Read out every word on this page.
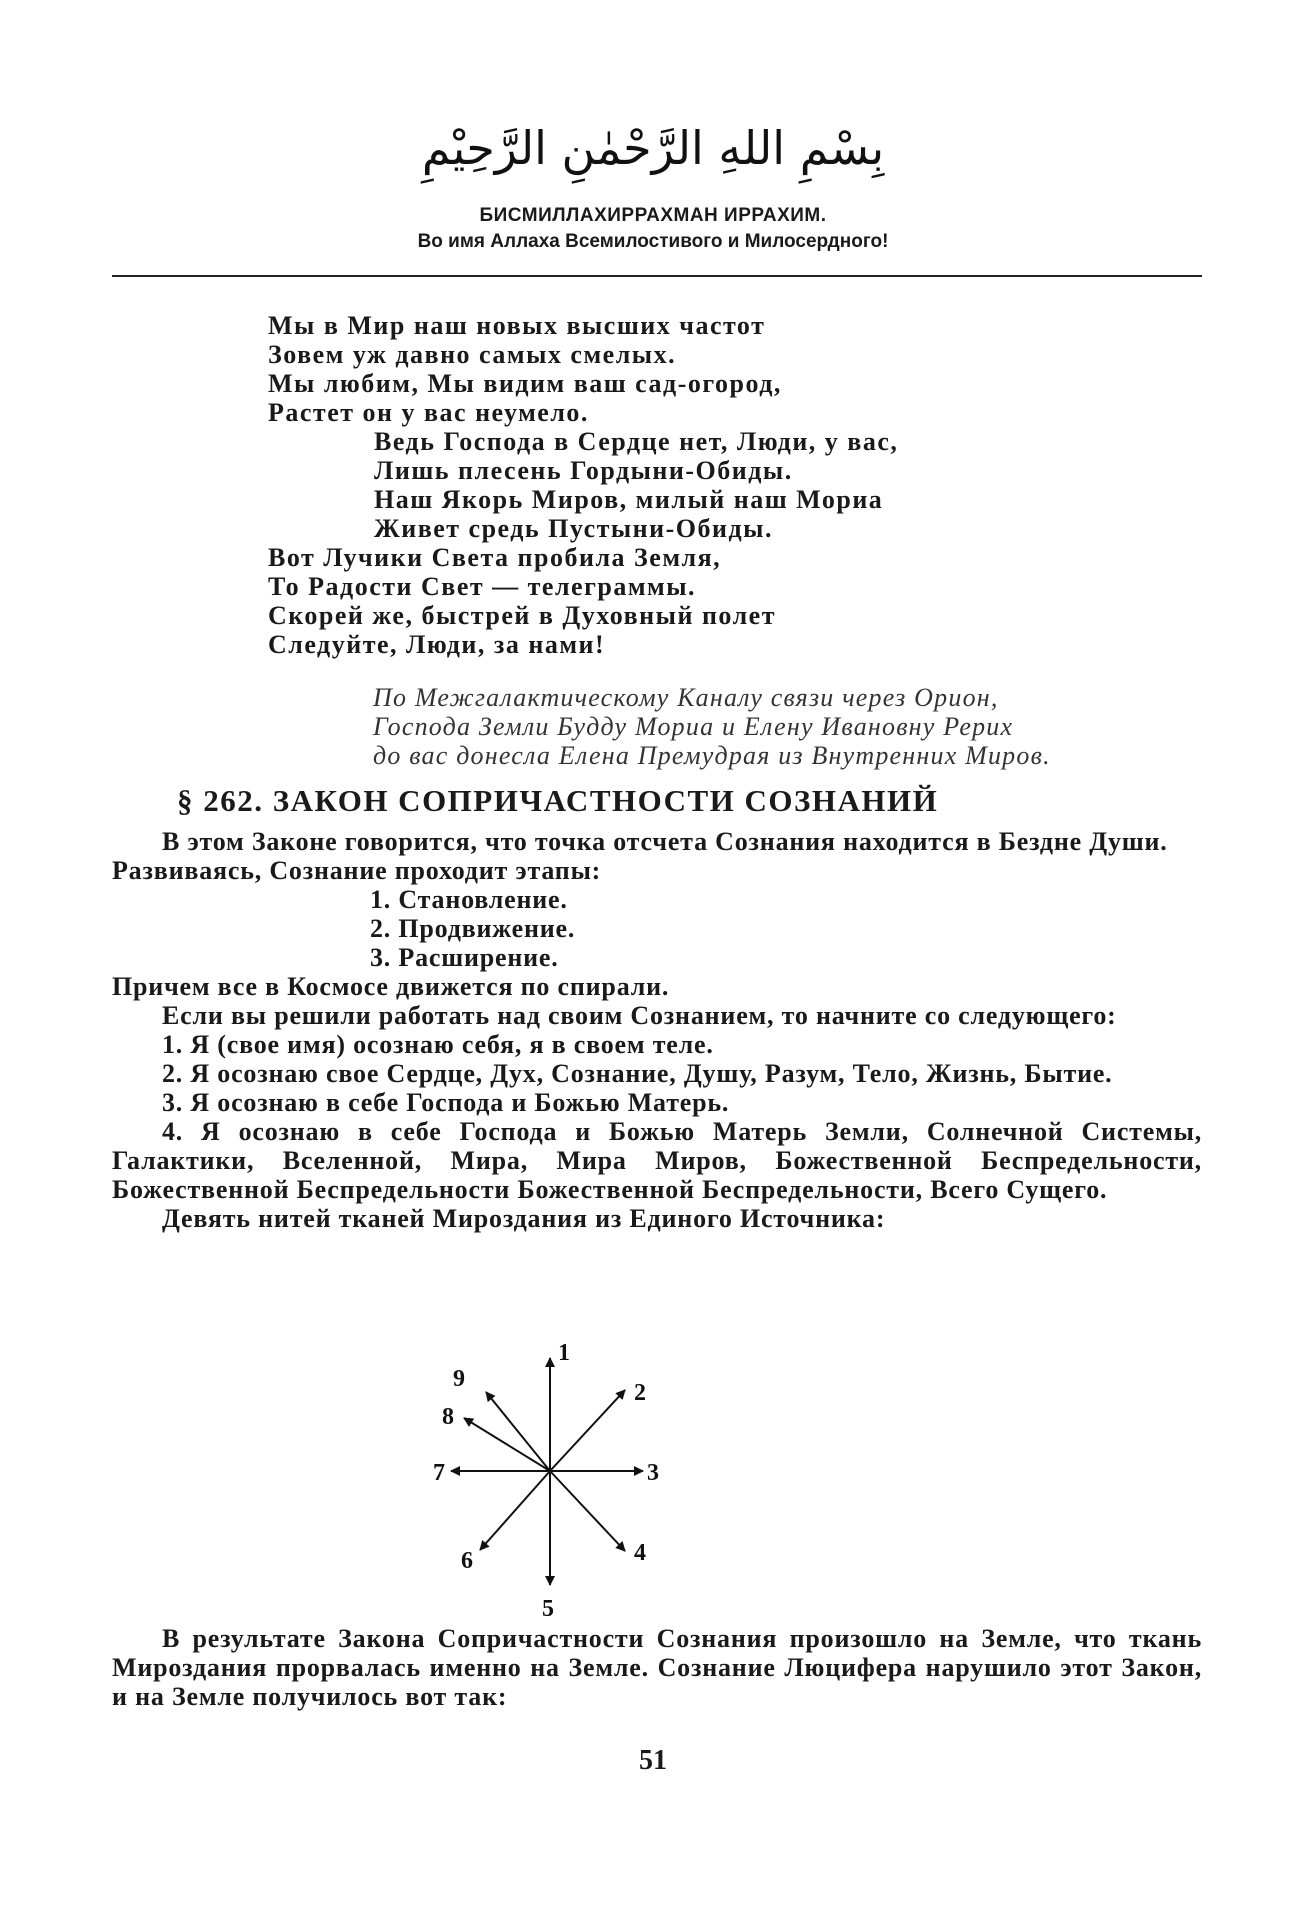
بِسْمِ اللهِ الرَّحْمٰنِ الرَّحِيْمِ
БИСМИЛЛАХИРРАХМАН ИРРАХИМ.
Во имя Аллаха Всемилостивого и Милосердного!
Мы в Мир наш новых высших частот
Зовем уж давно самых смелых.
Мы любим, Мы видим ваш сад-огород,
Растет он у вас неумело.
Ведь Господа в Сердце нет, Люди, у вас,
Лишь плесень Гордыни-Обиды.
Наш Якорь Миров, милый наш Мориа
Живет средь Пустыни-Обиды.
Вот Лучики Света пробила Земля,
То Радости Свет — телеграммы.
Скорей же, быстрей в Духовный полет
Следуйте, Люди, за нами!
По Межгалактическому Каналу связи через Орион,
Господа Земли Будду Мориа и Елену Ивановну Рерих
до вас донесла Елена Премудрая из Внутренних Миров.
§ 262. ЗАКОН СОПРИЧАСТНОСТИ СОЗНАНИЙ

В этом Законе говорится, что точка отсчета Сознания находится в Бездне Души.

Развиваясь, Сознание проходит этапы:

1. Становление.
2. Продвижение.
3. Расширение.

Причем все в Космосе движется по спирали.

Если вы решили работать над своим Сознанием, то начните со следующего:

1. Я (свое имя) осознаю себя, я в своем теле.

2. Я осознаю свое Сердце, Дух, Сознание, Душу, Разум, Тело, Жизнь, Бытие.

3. Я осознаю в себе Господа и Божью Матерь.

4. Я осознаю в себе Господа и Божью Матерь Земли, Солнечной Системы, Галактики, Вселенной, Мира, Мира Миров, Божественной Беспредельности, Божественной Беспредельности Божественной Беспредельности, Всего Сущего.

Девять нитей тканей Мироздания из Единого Источника:

1
2
3
4
5
6
7
8
9

В результате Закона Сопричастности Сознания произошло на Земле, что ткань Мироздания прорвалась именно на Земле. Сознание Люцифера нарушило этот Закон, и на Земле получилось вот так:

51
